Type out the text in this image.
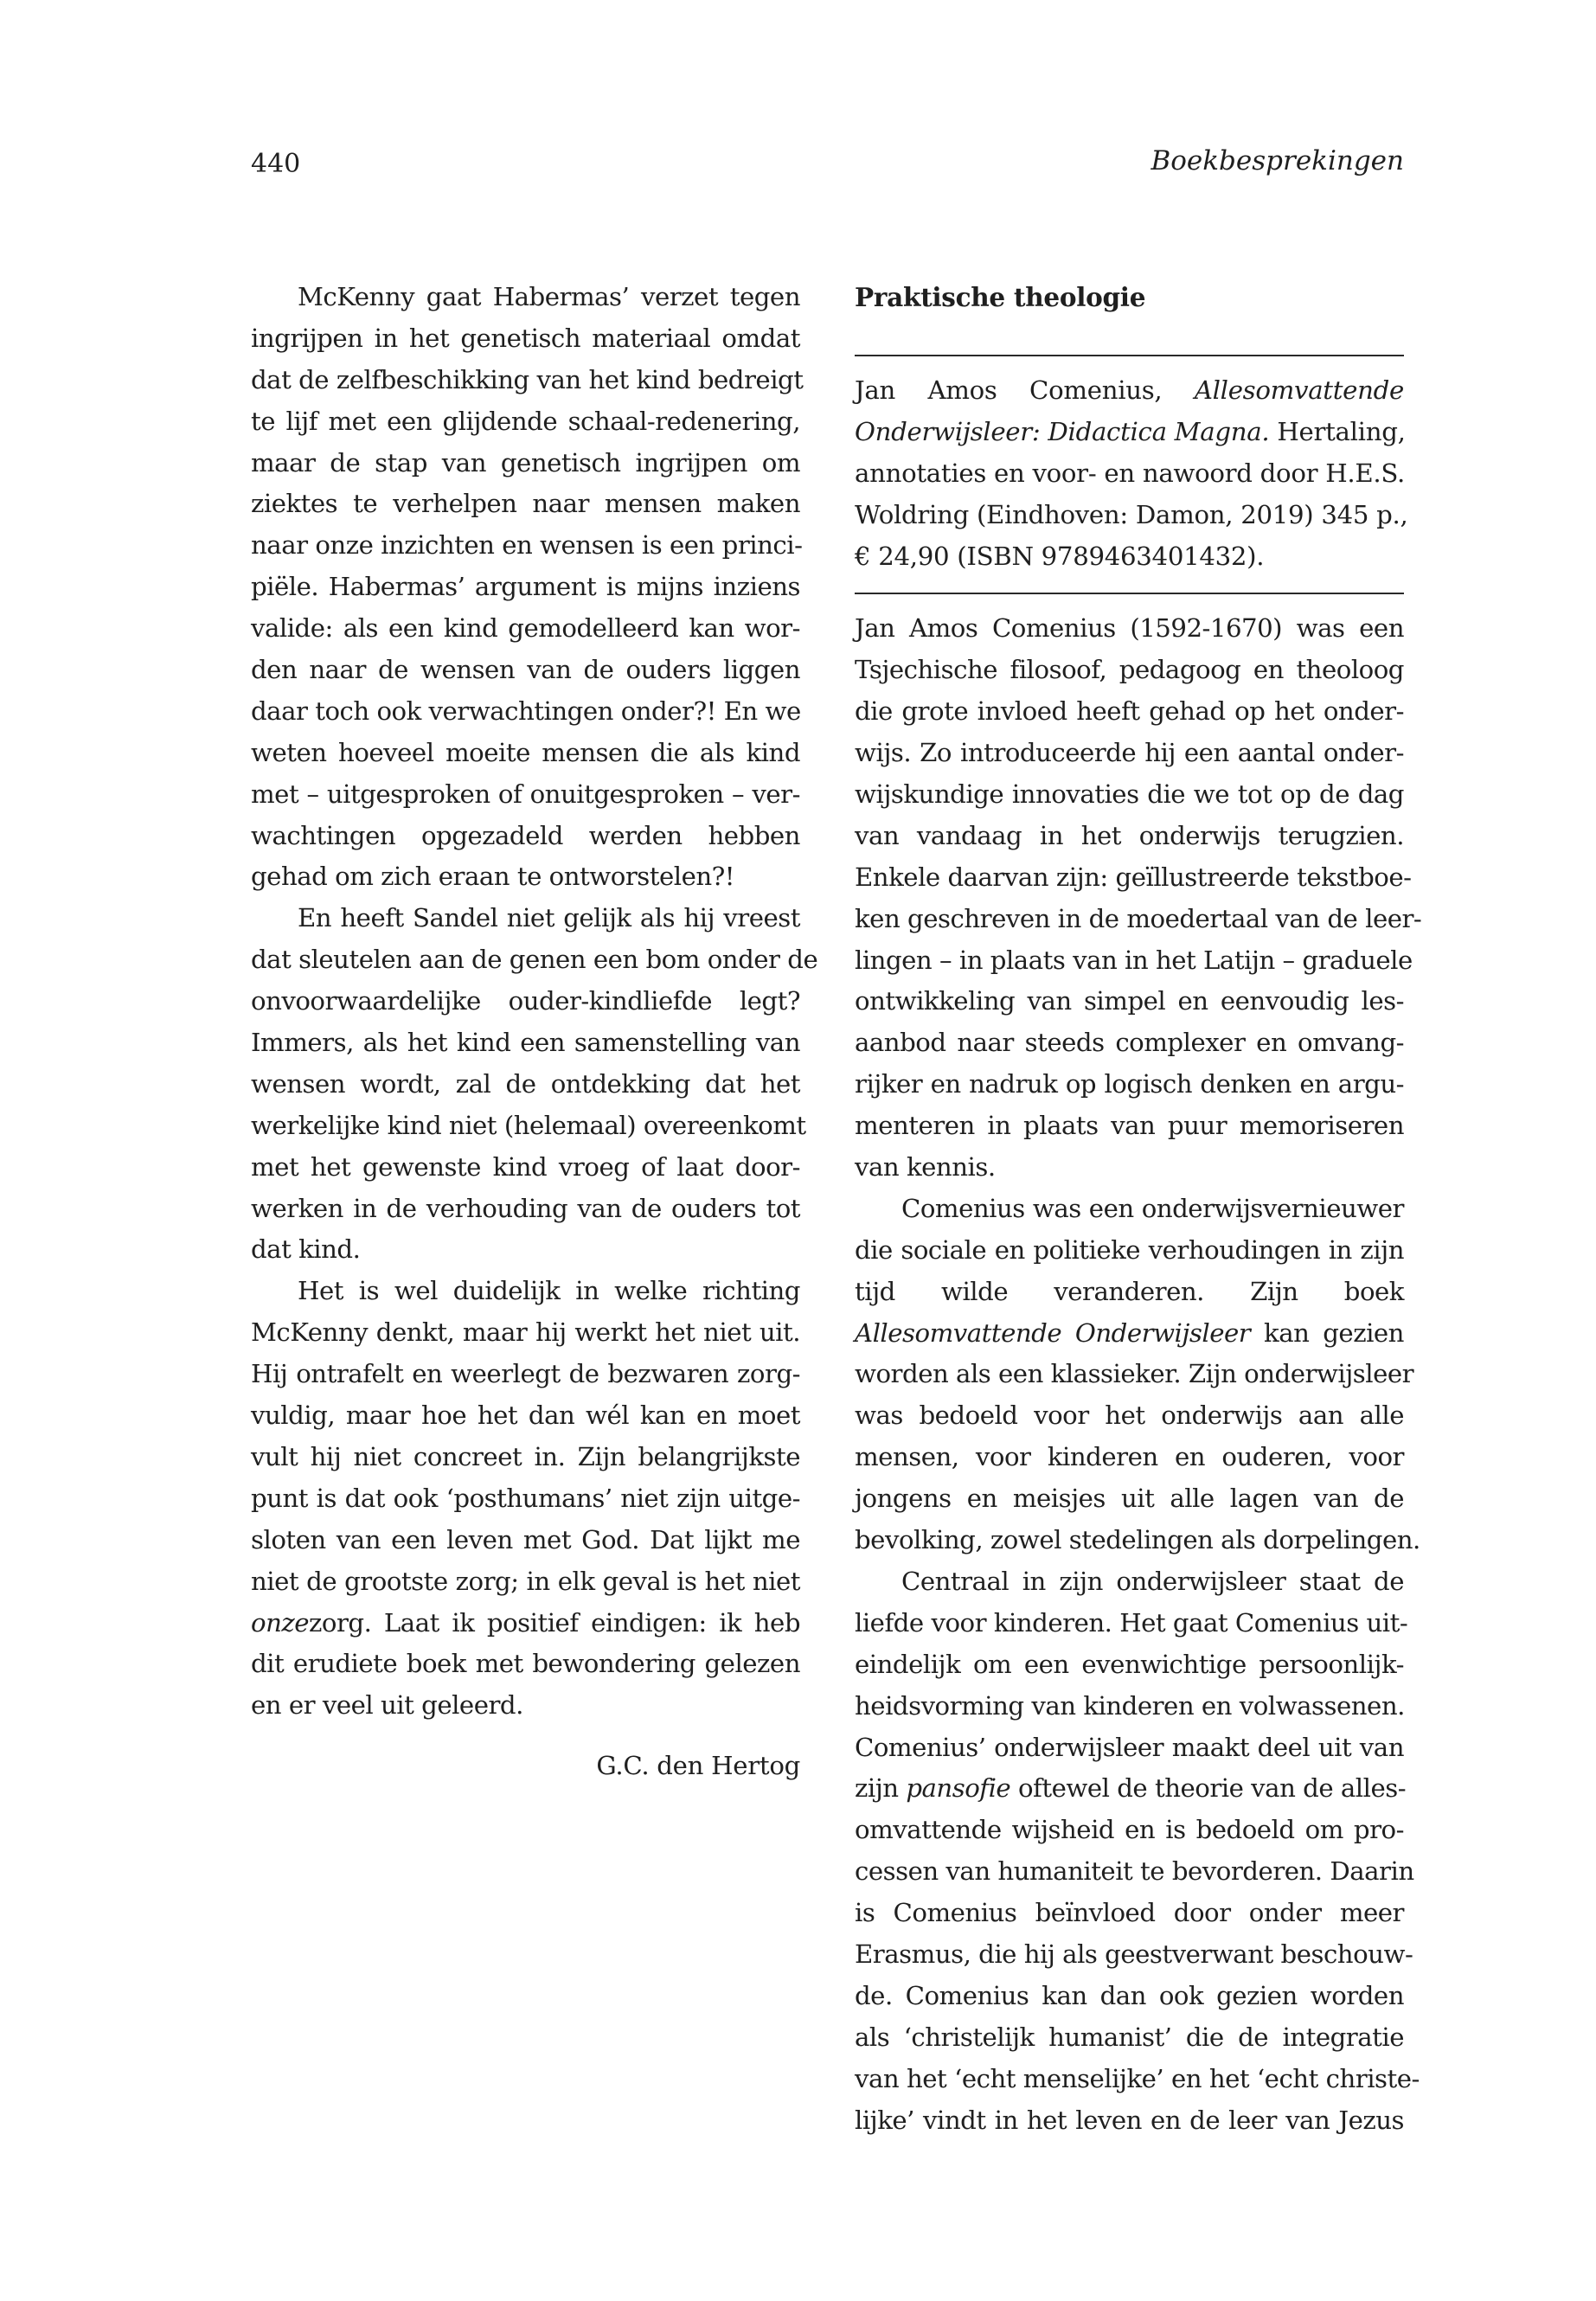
440	Boekbesprekingen
McKenny gaat Habermas’ verzet tegen
ingrijpen in het genetisch materiaal omdat
dat de zelfbeschikking van het kind bedreigt
te lijf met een glijdende schaal-redenering,
maar de stap van genetisch ingrijpen om
ziektes te verhelpen naar mensen maken
naar onze inzichten en wensen is een princi-
piële. Habermas’ argument is mijns inziens
valide: als een kind gemodelleerd kan wor-
den naar de wensen van de ouders liggen
daar toch ook verwachtingen onder?! En we
weten hoeveel moeite mensen die als kind
met – uitgesproken of onuitgesproken – ver-
wachtingen opgezadeld werden hebben
gehad om zich eraan te ontworstelen?!
En heeft Sandel niet gelijk als hij vreest
dat sleutelen aan de genen een bom onder de
onvoorwaardelijke ouder-kindliefde legt?
Immers, als het kind een samenstelling van
wensen wordt, zal de ontdekking dat het
werkelijke kind niet (helemaal) overeenkomt
met het gewenste kind vroeg of laat door-
werken in de verhouding van de ouders tot
dat kind.
Het is wel duidelijk in welke richting
McKenny denkt, maar hij werkt het niet uit.
Hij ontrafelt en weerlegt de bezwaren zorg-
vuldig, maar hoe het dan wél kan en moet
vult hij niet concreet in. Zijn belangrijkste
punt is dat ook ‘posthumans’ niet zijn uitge-
sloten van een leven met God. Dat lijkt me
niet de grootste zorg; in elk geval is het niet
onzezorg. Laat ik positief eindigen: ik heb
dit erudiete boek met bewondering gelezen
en er veel uit geleerd.
G.C. den Hertog
Praktische theologie
Jan Amos Comenius, Allesomvattende
Onderwijsleer: Didactica Magna. Hertaling,
annotaties en voor- en nawoord door H.E.S.
Woldring (Eindhoven: Damon, 2019) 345 p.,
€ 24,90 (ISBN 9789463401432).
Jan Amos Comenius (1592-1670) was een
Tsjechische filosoof, pedagoog en theoloog
die grote invloed heeft gehad op het onder-
wijs. Zo introduceerde hij een aantal onder-
wijskundige innovaties die we tot op de dag
van vandaag in het onderwijs terugzien.
Enkele daarvan zijn: geïllustreerde tekstboe-
ken geschreven in de moedertaal van de leer-
lingen – in plaats van in het Latijn – graduele
ontwikkeling van simpel en eenvoudig les-
aanbod naar steeds complexer en omvang-
rijker en nadruk op logisch denken en argu-
menteren in plaats van puur memoriseren
van kennis.
Comenius was een onderwijsvernieuwer
die sociale en politieke verhoudingen in zijn
tijd wilde veranderen. Zijn boek
Allesomvattende Onderwijsleer kan gezien
worden als een klassieker. Zijn onderwijsleer
was bedoeld voor het onderwijs aan alle
mensen, voor kinderen en ouderen, voor
jongens en meisjes uit alle lagen van de
bevolking, zowel stedelingen als dorpelingen.
Centraal in zijn onderwijsleer staat de
liefde voor kinderen. Het gaat Comenius uit-
eindelijk om een evenwichtige persoonlijk-
heidsvorming van kinderen en volwassenen.
Comenius’ onderwijsleer maakt deel uit van
zijn pansofie oftewel de theorie van de alles-
omvattende wijsheid en is bedoeld om pro-
cessen van humaniteit te bevorderen. Daarin
is Comenius beïnvloed door onder meer
Erasmus, die hij als geestverwant beschouw-
de. Comenius kan dan ook gezien worden
als ‘christelijk humanist’ die de integratie
van het ‘echt menselijke’ en het ‘echt christe-
lijke’ vindt in het leven en de leer van Jezus
